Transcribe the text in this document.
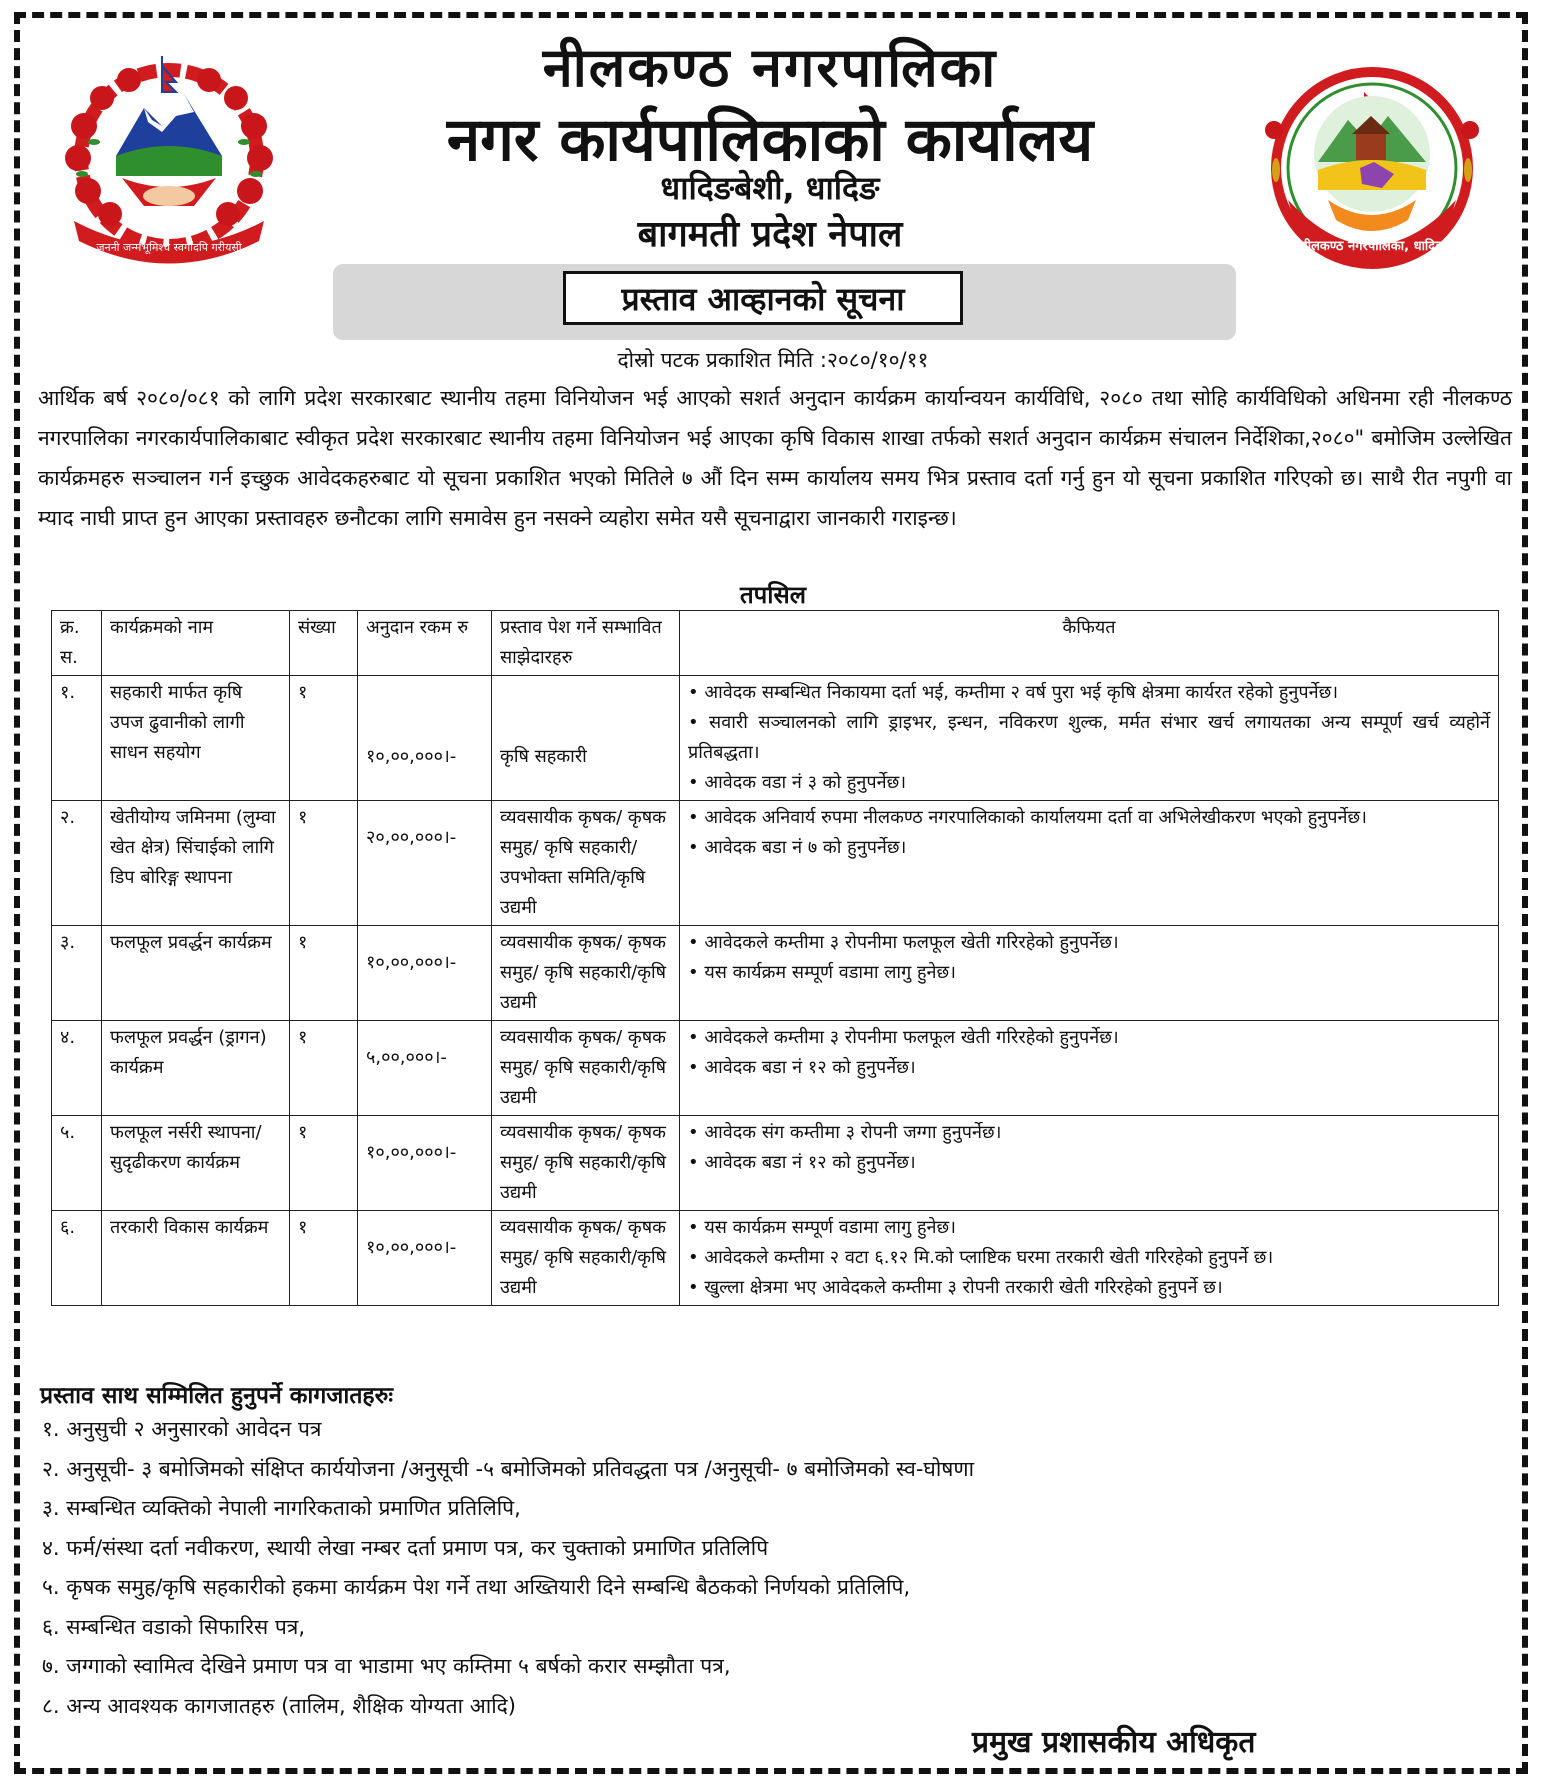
जननी जन्मभूमिश्च स्वर्गादपि गरीयसी	नीलकण्ठ नगरपालिका, धादिङ
नीलकण्ठ नगरपालिका
नगर कार्यपालिकाको कार्यालय
धादिङबेशी, धादिङ
बागमती प्रदेश नेपाल
प्रस्ताव आव्हानको सूचना
दोस्रो पटक प्रकाशित मिति :२०८०/१०/११
आर्थिक बर्ष २०८०/०८१ को लागि प्रदेश सरकारबाट स्थानीय तहमा विनियोजन भई आएको सशर्त अनुदान कार्यक्रम कार्यान्वयन कार्यविधि, २०८० तथा सोहि कार्यविधिको अधिनमा रही नीलकण्ठ नगरपालिका नगरकार्यपालिकाबाट स्वीकृत प्रदेश सरकारबाट स्थानीय तहमा विनियोजन भई आएका कृषि विकास शाखा तर्फको सशर्त अनुदान कार्यक्रम संचालन निर्देशिका,२०८०" बमोजिम उल्लेखित कार्यक्रमहरु सञ्चालन गर्न इच्छुक आवेदकहरुबाट यो सूचना प्रकाशित भएको मितिले ७ औं दिन सम्म कार्यालय समय भित्र प्रस्ताव दर्ता गर्नु हुन यो सूचना प्रकाशित गरिएको छ। साथै रीत नपुगी वा म्याद नाघी प्राप्त हुन आएका प्रस्तावहरु छनौटका लागि समावेस हुन नसक्ने व्यहोरा समेत यसै सूचनाद्वारा जानकारी गराइन्छ।
तपसिल
क्र. स.	कार्यक्रमको नाम	संख्या	अनुदान रकम रु	प्रस्ताव पेश गर्ने सम्भावित साझेदारहरु	कैफियत
१.	सहकारी मार्फत कृषि उपज ढुवानीको लागी साधन सहयोग	१	१०,००,०००।-	कृषि सहकारी	• आवेदक सम्बन्धित निकायमा दर्ता भई, कम्तीमा २ वर्ष पुरा भई कृषि क्षेत्रमा कार्यरत रहेको हुनुपर्नेछ।

• सवारी सञ्चालनको लागि ड्राइभर, इन्धन, नविकरण शुल्क, मर्मत संभार खर्च लगायतका अन्य सम्पूर्ण खर्च व्यहोर्ने प्रतिबद्धता।

• आवेदक वडा नं ३ को हुनुपर्नेछ।

२.	खेतीयोग्य जमिनमा (लुम्वा खेत क्षेत्र) सिंचाईको लागि डिप बोरिङ्ग स्थापना	१	२०,००,०००।-	व्यवसायीक कृषक/ कृषक समुह/ कृषि सहकारी/उपभोक्ता समिति/कृषि उद्यमी	• आवेदक अनिवार्य रुपमा नीलकण्ठ नगरपालिकाको कार्यालयमा दर्ता वा अभिलेखीकरण भएको हुनुपर्नेछ।

• आवेदक बडा नं ७ को हुनुपर्नेछ।

३.	फलफूल प्रवर्द्धन कार्यक्रम	१	१०,००,०००।-	व्यवसायीक कृषक/ कृषक समुह/ कृषि सहकारी/कृषि उद्यमी	• आवेदकले कम्तीमा ३ रोपनीमा फलफूल खेती गरिरहेको हुनुपर्नेछ।

• यस कार्यक्रम सम्पूर्ण वडामा लागु हुनेछ।

४.	फलफूल प्रवर्द्धन (ड्रागन) कार्यक्रम	१	५,००,०००।-	व्यवसायीक कृषक/ कृषक समुह/ कृषि सहकारी/कृषि उद्यमी	• आवेदकले कम्तीमा ३ रोपनीमा फलफूल खेती गरिरहेको हुनुपर्नेछ।

• आवेदक बडा नं १२ को हुनुपर्नेछ।

५.	फलफूल नर्सरी स्थापना/सुदृढीकरण कार्यक्रम	१	१०,००,०००।-	व्यवसायीक कृषक/ कृषक समुह/ कृषि सहकारी/कृषि उद्यमी	• आवेदक संग कम्तीमा ३ रोपनी जग्गा हुनुपर्नेछ।

• आवेदक बडा नं १२ को हुनुपर्नेछ।

६.	तरकारी विकास कार्यक्रम	१	१०,००,०००।-	व्यवसायीक कृषक/ कृषक समुह/ कृषि सहकारी/कृषि उद्यमी	• यस कार्यक्रम सम्पूर्ण वडामा लागु हुनेछ।

• आवेदकले कम्तीमा २ वटा ६.१२ मि.को प्लाष्टिक घरमा तरकारी खेती गरिरहेको हुनुपर्ने छ।

• खुल्ला क्षेत्रमा भए आवेदकले कम्तीमा ३ रोपनी तरकारी खेती गरिरहेको हुनुपर्ने छ।

प्रस्ताव साथ सम्मिलित हुनुपर्ने कागजातहरुः
१. अनुसुची २ अनुसारको आवेदन पत्र
२. अनुसूची- ३ बमोजिमको संक्षिप्त कार्ययोजना /अनुसूची -५ बमोजिमको प्रतिवद्धता पत्र /अनुसूची- ७ बमोजिमको स्व-घोषणा
३. सम्बन्धित व्यक्तिको नेपाली नागरिकताको प्रमाणित प्रतिलिपि,
४. फर्म/संस्था दर्ता नवीकरण, स्थायी लेखा नम्बर दर्ता प्रमाण पत्र, कर चुक्ताको प्रमाणित प्रतिलिपि
५. कृषक समुह/कृषि सहकारीको हकमा कार्यक्रम पेश गर्ने तथा अख्तियारी दिने सम्बन्धि बैठकको निर्णयको प्रतिलिपि,
६. सम्बन्धित वडाको सिफारिस पत्र,
७. जग्गाको स्वामित्व देखिने प्रमाण पत्र वा भाडामा भए कम्तिमा ५ बर्षको करार सम्झौता पत्र,
८. अन्य आवश्यक कागजातहरु (तालिम, शैक्षिक योग्यता आदि)
प्रमुख प्रशासकीय अधिकृत
